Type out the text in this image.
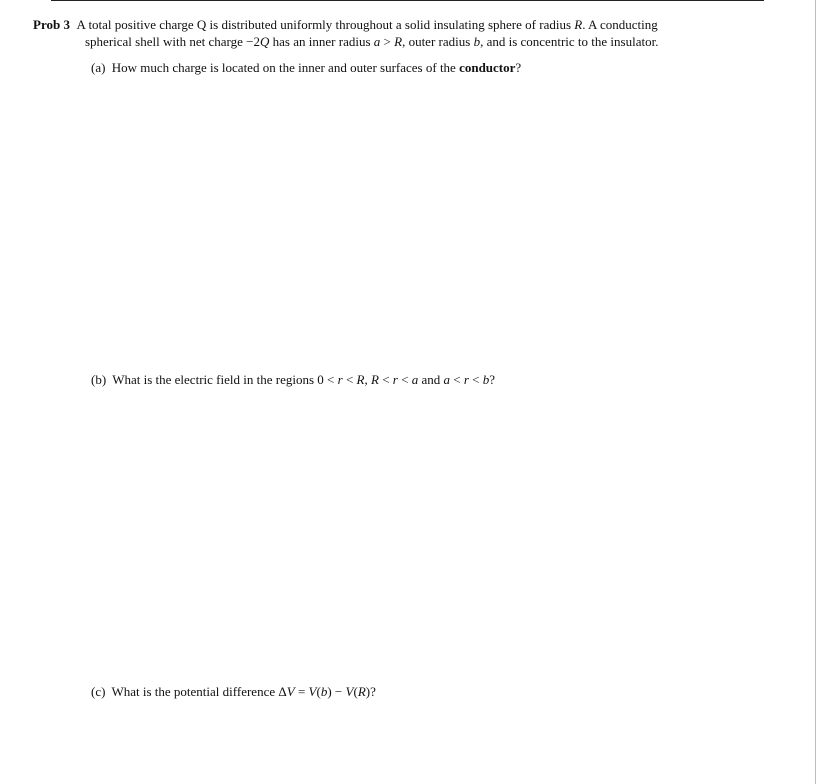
Prob 3 A total positive charge Q is distributed uniformly throughout a solid insulating sphere of radius R. A conducting
spherical shell with net charge −2Q has an inner radius a > R, outer radius b, and is concentric to the insulator.
(a) How much charge is located on the inner and outer surfaces of the conductor?
(b) What is the electric field in the regions 0 < r < R, R < r < a and a < r < b?
(c) What is the potential difference ΔV = V(b) − V(R)?
